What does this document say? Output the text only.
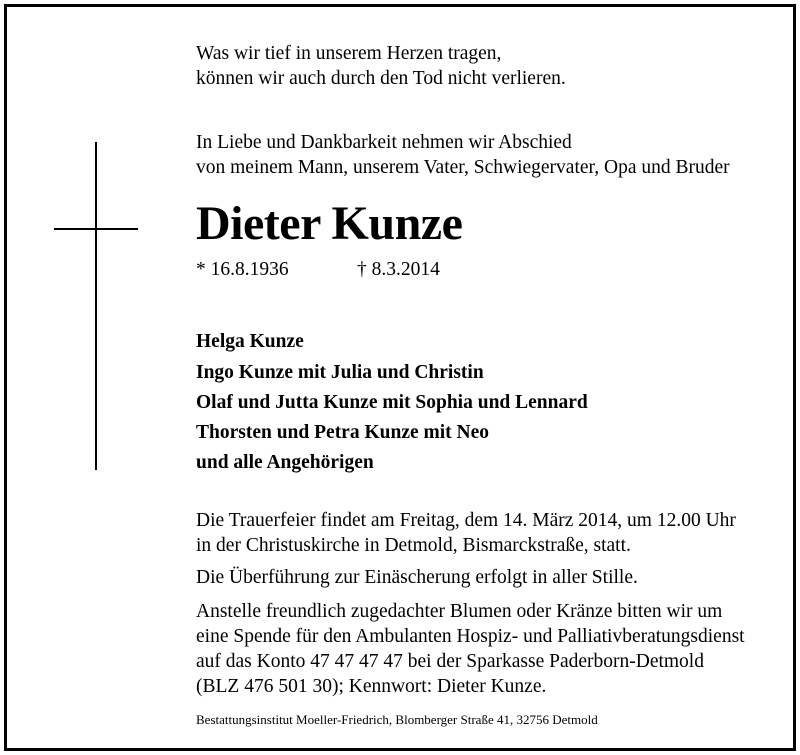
Was wir tief in unserem Herzen tragen,
können wir auch durch den Tod nicht verlieren.
In Liebe und Dankbarkeit nehmen wir Abschied
von meinem Mann, unserem Vater, Schwiegervater, Opa und Bruder
Dieter Kunze
* 16.8.1936	† 8.3.2014
Helga Kunze
Ingo Kunze mit Julia und Christin
Olaf und Jutta Kunze mit Sophia und Lennard
Thorsten und Petra Kunze mit Neo
und alle Angehörigen
Die Trauerfeier findet am Freitag, dem 14. März 2014, um 12.00 Uhr
in der Christuskirche in Detmold, Bismarckstraße, statt.
Die Überführung zur Einäscherung erfolgt in aller Stille.
Anstelle freundlich zugedachter Blumen oder Kränze bitten wir um
eine Spende für den Ambulanten Hospiz- und Palliativberatungsdienst
auf das Konto 47 47 47 47 bei der Sparkasse Paderborn-Detmold
(BLZ 476 501 30); Kennwort: Dieter Kunze.
Bestattungsinstitut Moeller-Friedrich, Blomberger Straße 41, 32756 Detmold
